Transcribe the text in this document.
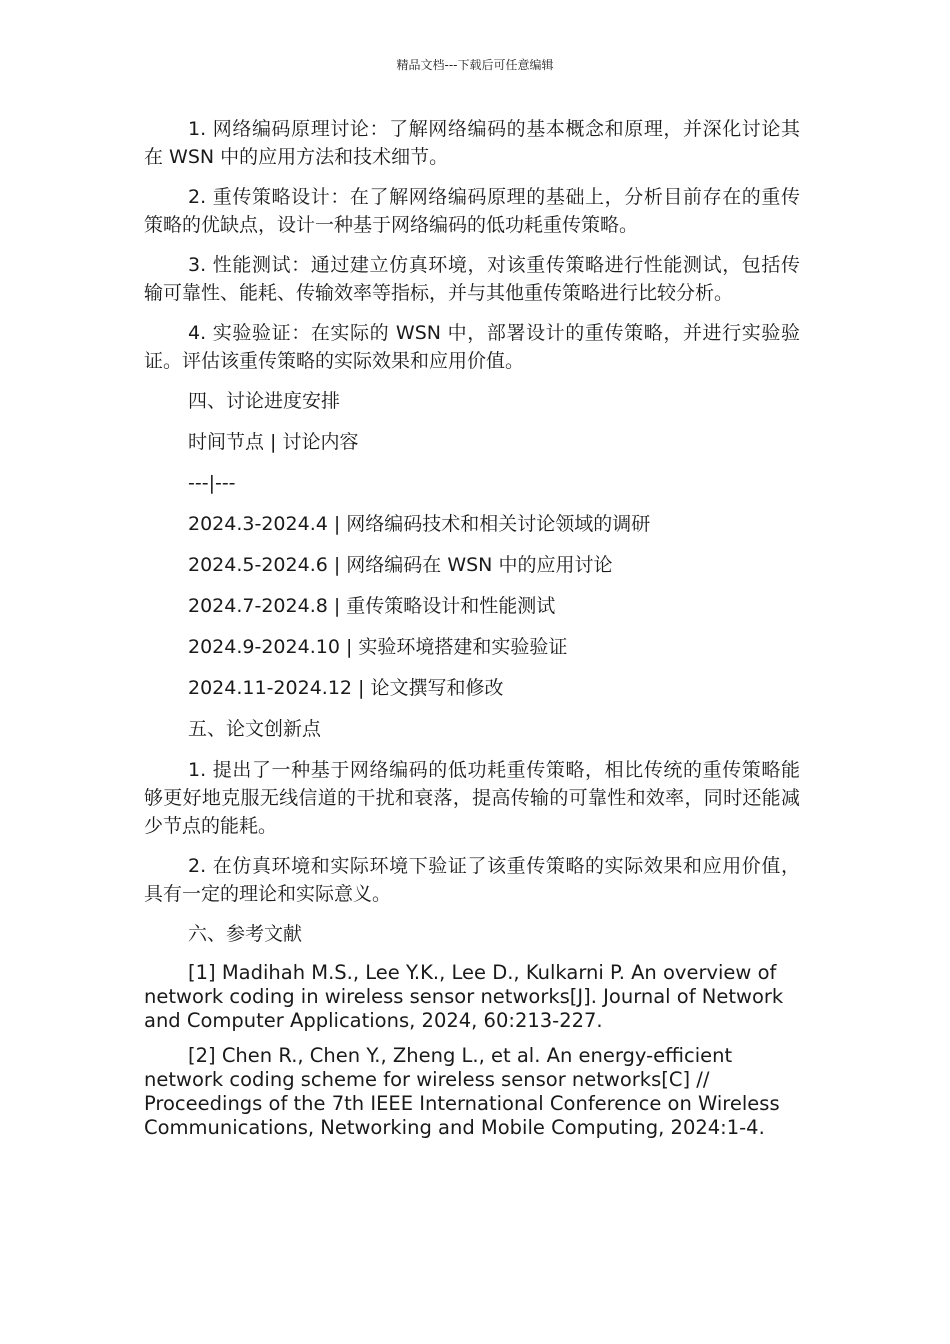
精品文档---下载后可任意编辑

1. 网络编码原理讨论：了解网络编码的基本概念和原理，并深化讨论其在 WSN 中的应用方法和技术细节。

2. 重传策略设计：在了解网络编码原理的基础上，分析目前存在的重传策略的优缺点，设计一种基于网络编码的低功耗重传策略。

3. 性能测试：通过建立仿真环境，对该重传策略进行性能测试，包括传输可靠性、能耗、传输效率等指标，并与其他重传策略进行比较分析。

4. 实验验证：在实际的 WSN 中，部署设计的重传策略，并进行实验验证。评估该重传策略的实际效果和应用价值。

四、讨论进度安排

时间节点 | 讨论内容

---|---

2024.3-2024.4 | 网络编码技术和相关讨论领域的调研

2024.5-2024.6 | 网络编码在 WSN 中的应用讨论

2024.7-2024.8 | 重传策略设计和性能测试

2024.9-2024.10 | 实验环境搭建和实验验证

2024.11-2024.12 | 论文撰写和修改

五、论文创新点

1. 提出了一种基于网络编码的低功耗重传策略，相比传统的重传策略能够更好地克服无线信道的干扰和衰落，提高传输的可靠性和效率，同时还能减少节点的能耗。

2. 在仿真环境和实际环境下验证了该重传策略的实际效果和应用价值，具有一定的理论和实际意义。

六、参考文献

[1] Madihah M.S., Lee Y.K., Lee D., Kulkarni P. An overview of network coding in wireless sensor networks[J]. Journal of Network and Computer Applications, 2024, 60:213-227.

[2] Chen R., Chen Y., Zheng L., et al. An energy-efficient network coding scheme for wireless sensor networks[C] // Proceedings of the 7th IEEE International Conference on Wireless Communications, Networking and Mobile Computing, 2024:1-4.
